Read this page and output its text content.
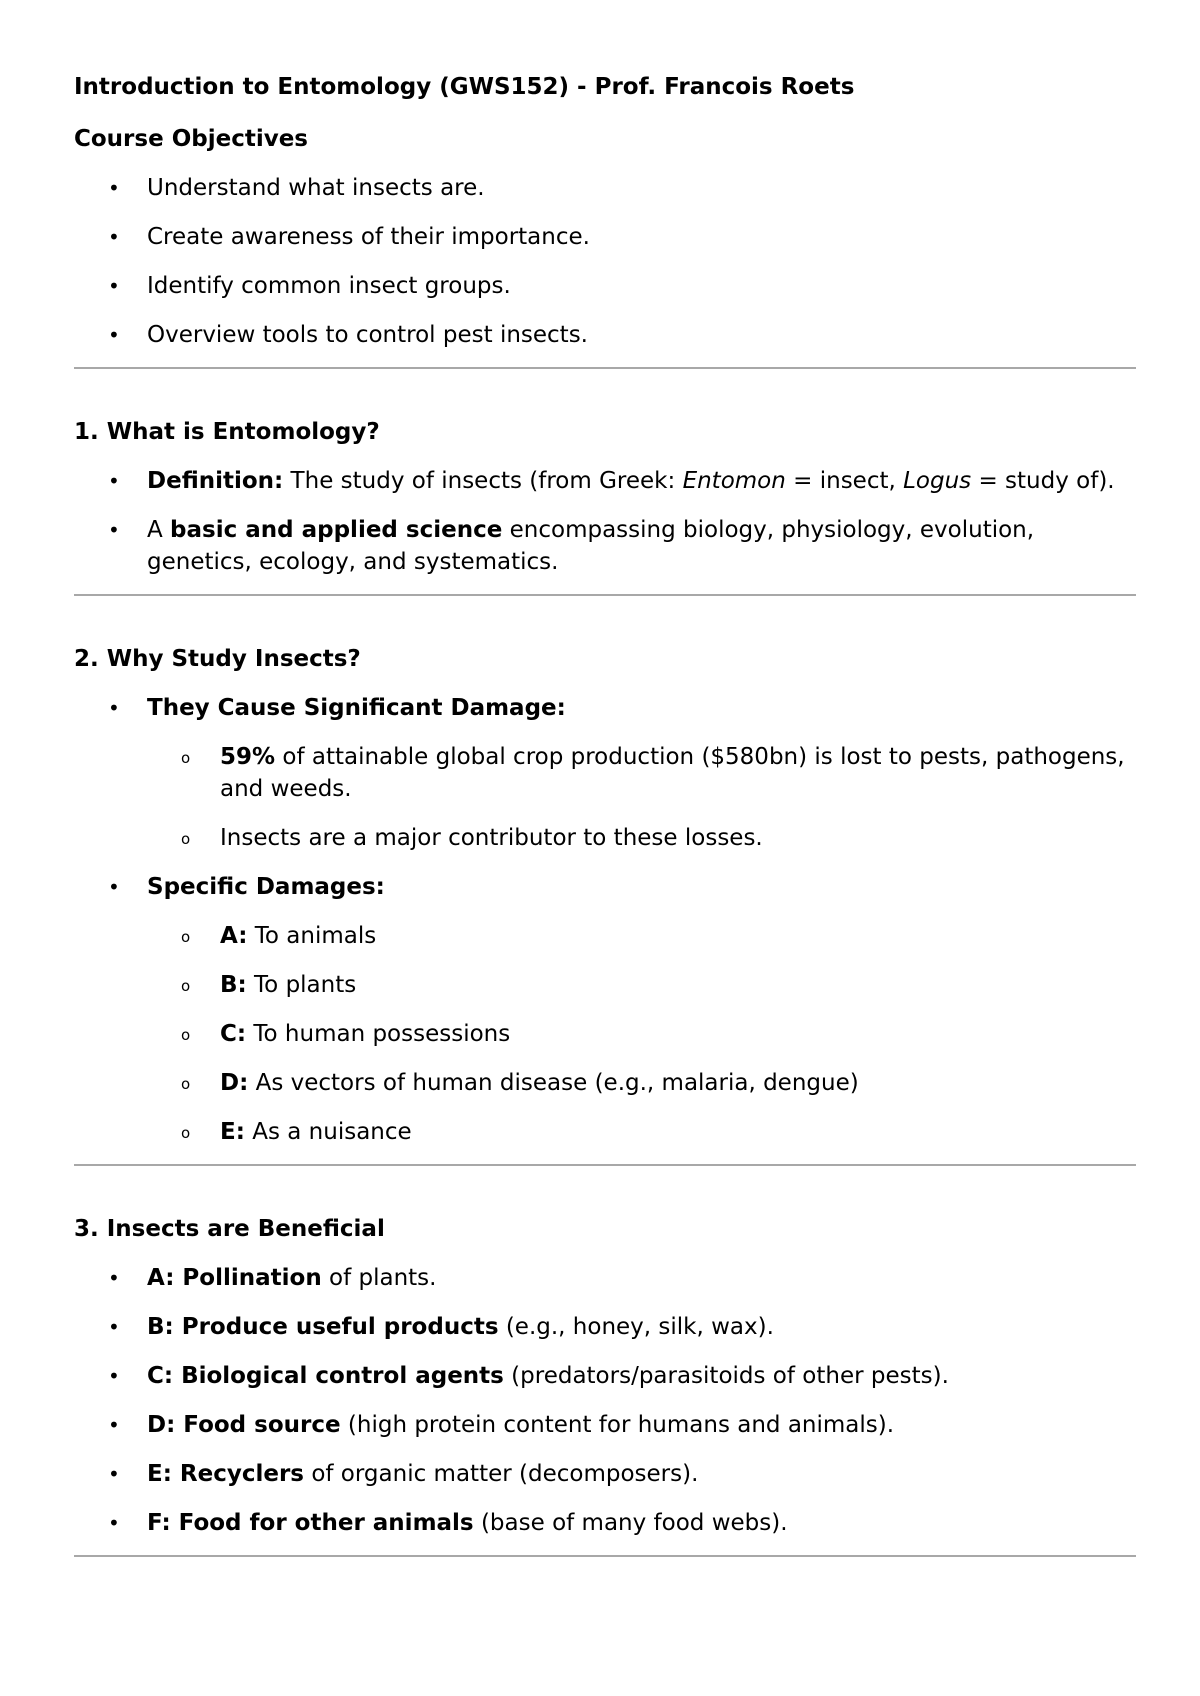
Introduction to Entomology (GWS152) - Prof. Francois Roets
Course Objectives
• Understand what insects are.
• Create awareness of their importance.
• Identify common insect groups.
• Overview tools to control pest insects.
1. What is Entomology?
• Definition: The study of insects (from Greek: Entomon = insect, Logus = study of).
• A basic and applied science encompassing biology, physiology, evolution, genetics, ecology, and systematics.
2. Why Study Insects?
• They Cause Significant Damage:
o 59% of attainable global crop production ($580bn) is lost to pests, pathogens, and weeds.
o Insects are a major contributor to these losses.
• Specific Damages:
o A: To animals
o B: To plants
o C: To human possessions
o D: As vectors of human disease (e.g., malaria, dengue)
o E: As a nuisance
3. Insects are Beneficial
• A: Pollination of plants.
• B: Produce useful products (e.g., honey, silk, wax).
• C: Biological control agents (predators/parasitoids of other pests).
• D: Food source (high protein content for humans and animals).
• E: Recyclers of organic matter (decomposers).
• F: Food for other animals (base of many food webs).
